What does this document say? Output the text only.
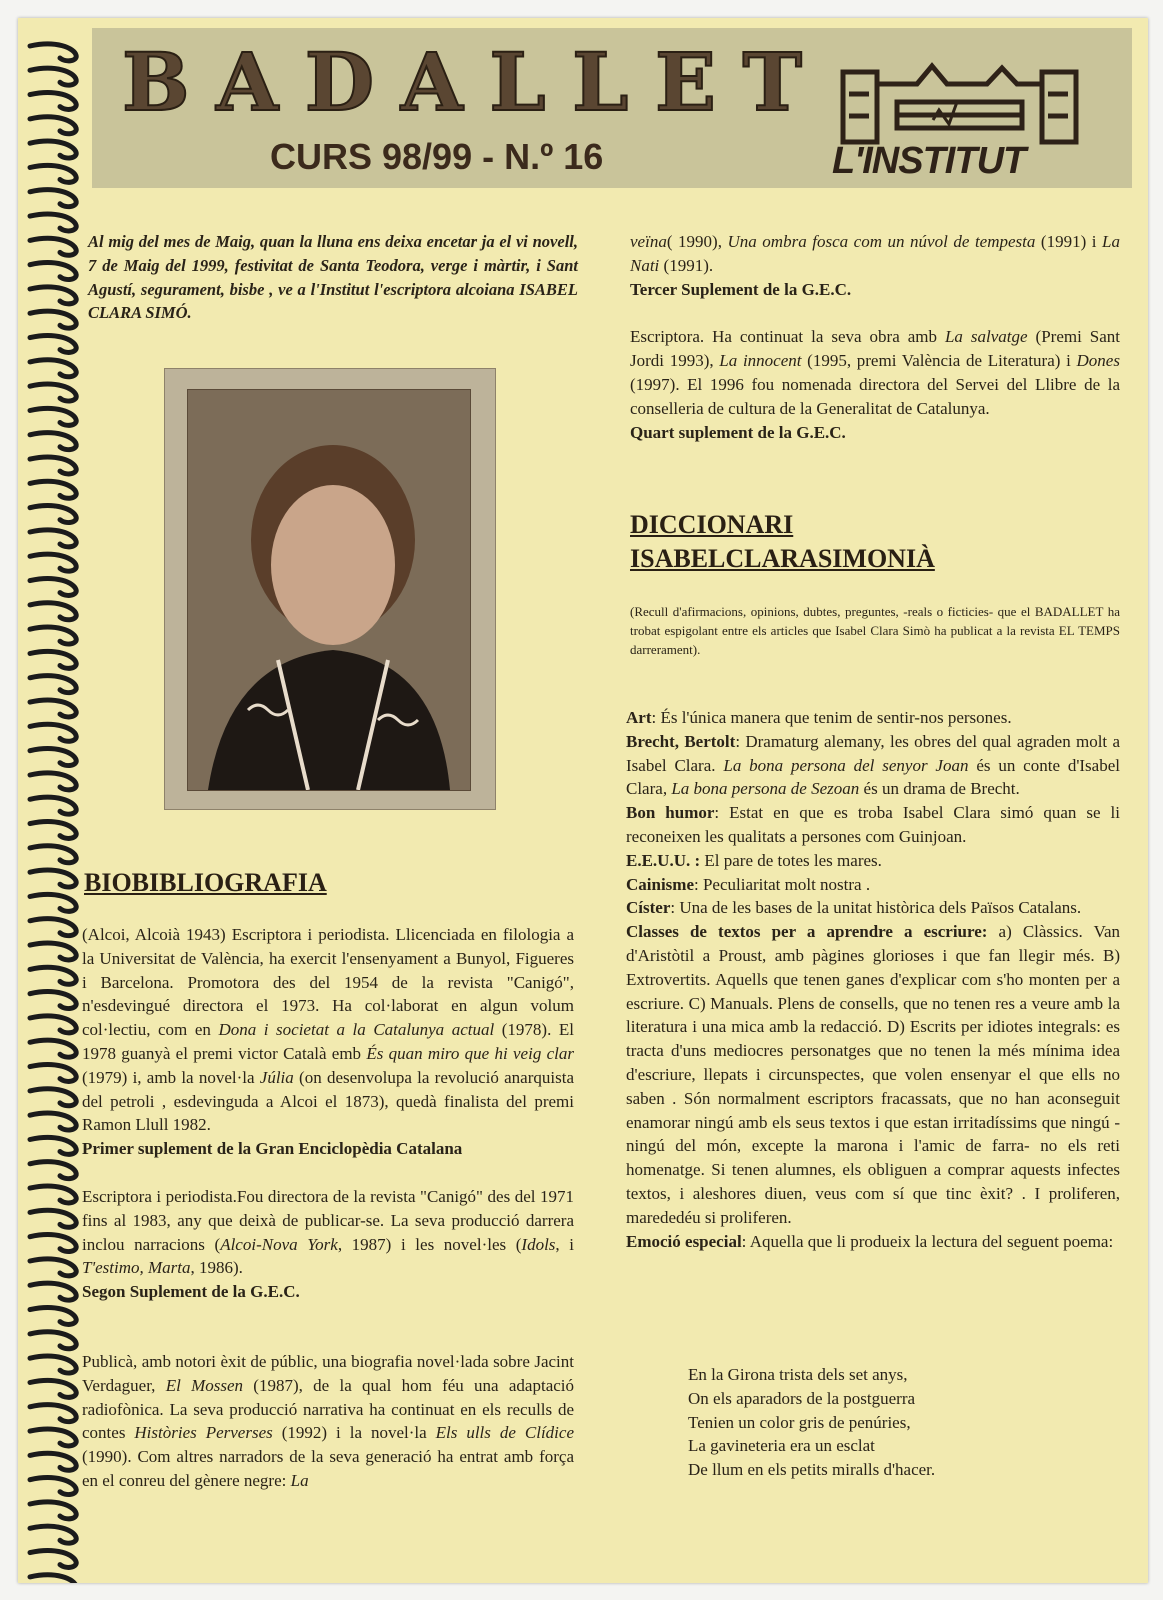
B A D A L L E T
CURS 98/99 - N.º 16	L'INSTITUT
Al mig del mes de Maig, quan la lluna ens deixa encetar ja el vi novell, 7 de Maig del 1999, festivitat de Santa Teodora, verge i màrtir, i Sant Agustí, segurament, bisbe , ve a l'Institut l'escriptora alcoiana ISABEL CLARA SIMÓ.
BIOBIBLIOGRAFIA

(Alcoi, Alcoià 1943) Escriptora i periodista. Llicenciada en filologia a la Universitat de València, ha exercit l'ensenyament a Bunyol, Figueres i Barcelona. Promotora des del 1954 de la revista "Canigó", n'esdevingué directora el 1973. Ha col·laborat en algun volum col·lectiu, com en Dona i societat a la Catalunya actual (1978). El 1978 guanyà el premi victor Català emb És quan miro que hi veig clar (1979) i, amb la novel·la Júlia (on desenvolupa la revolució anarquista del petroli , esdevinguda a Alcoi el 1873), quedà finalista del premi Ramon Llull 1982.

Primer suplement de la Gran Enciclopèdia Catalana

Escriptora i periodista.Fou directora de la revista "Canigó" des del 1971 fins al 1983, any que deixà de publicar-se. La seva producció darrera inclou narracions (Alcoi-Nova York, 1987) i les novel·les (Idols, i T'estimo, Marta, 1986).

Segon Suplement de la G.E.C.

Publicà, amb notori èxit de públic, una biografia novel·lada sobre Jacint Verdaguer, El Mossen (1987), de la qual hom féu una adaptació radiofònica. La seva producció narrativa ha continuat en els reculls de contes Històries Perverses (1992) i la novel·la Els ulls de Clídice (1990). Com altres narradors de la seva generació ha entrat amb força en el conreu del gènere negre: La

veïna( 1990), Una ombra fosca com un núvol de tempesta (1991) i La Nati (1991).

Tercer Suplement de la G.E.C.

Escriptora. Ha continuat la seva obra amb La salvatge (Premi Sant Jordi 1993), La innocent (1995, premi València de Literatura) i Dones (1997). El 1996 fou nomenada directora del Servei del Llibre de la conselleria de cultura de la Generalitat de Catalunya.

Quart suplement de la G.E.C.

DICCIONARI
ISABELCLARASIMONIÀ
(Recull d'afirmacions, opinions, dubtes, preguntes, -reals o ficticies- que el BADALLET ha trobat espigolant entre els articles que Isabel Clara Simò ha publicat a la revista EL TEMPS darrerament).

Art: És l'única manera que tenim de sentir-nos persones.

Brecht, Bertolt: Dramaturg alemany, les obres del qual agraden molt a Isabel Clara. La bona persona del senyor Joan és un conte d'Isabel Clara, La bona persona de Sezoan és un drama de Brecht.

Bon humor: Estat en que es troba Isabel Clara simó quan se li reconeixen les qualitats a persones com Guinjoan.

E.E.U.U. : El pare de totes les mares.

Cainisme: Peculiaritat molt nostra .

Císter: Una de les bases de la unitat històrica dels Països Catalans.

Classes de textos per a aprendre a escriure: a) Clàssics. Van d'Aristòtil a Proust, amb pàgines glorioses i que fan llegir més. B) Extrovertits. Aquells que tenen ganes d'explicar com s'ho monten per a escriure. C) Manuals. Plens de consells, que no tenen res a veure amb la literatura i una mica amb la redacció. D) Escrits per idiotes integrals: es tracta d'uns mediocres personatges que no tenen la més mínima idea d'escriure, llepats i circunspectes, que volen ensenyar el que ells no saben . Són normalment escriptors fracassats, que no han aconseguit enamorar ningú amb els seus textos i que estan irritadíssims que ningú -ningú del món, excepte la marona i l'amic de farra- no els reti homenatge. Si tenen alumnes, els obliguen a comprar aquests infectes textos, i aleshores diuen, veus com sí que tinc èxit? . I proliferen, marededéu si proliferen.

Emoció especial: Aquella que li produeix la lectura del seguent poema:

En la Girona trista dels set anys,
On els aparadors de la postguerra
Tenien un color gris de penúries,
La gavineteria era un esclat
De llum en els petits miralls d'hacer.
